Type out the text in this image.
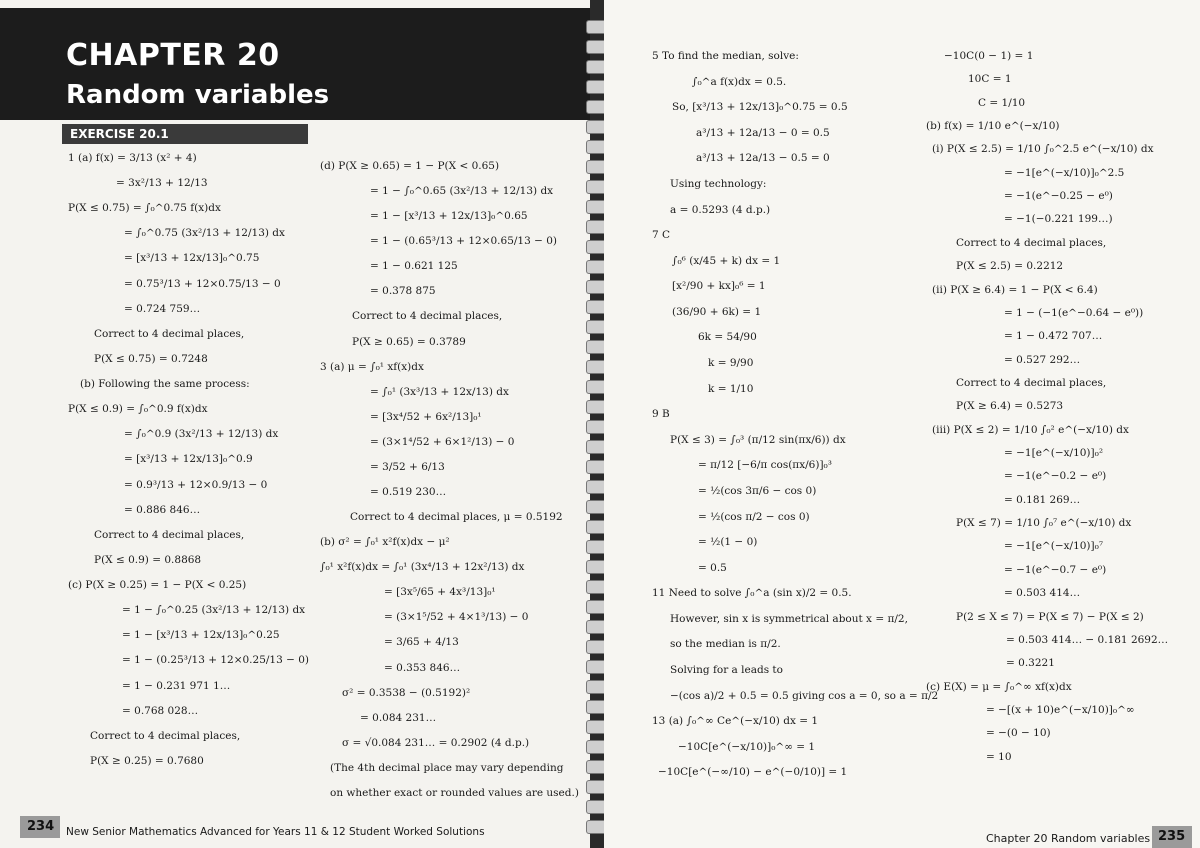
CHAPTER 20
Random variables
EXERCISE 20.1
1 (a) f(x) = 3/13 (x² + 4)
= 3x²/13 + 12/13
P(X ≤ 0.75) = ∫₀^0.75 f(x)dx
= ∫₀^0.75 (3x²/13 + 12/13) dx
= [x³/13 + 12x/13]₀^0.75
= 0.75³/13 + 12×0.75/13 − 0
= 0.724 759…
Correct to 4 decimal places,
P(X ≤ 0.75) = 0.7248
(b) Following the same process:
P(X ≤ 0.9) = ∫₀^0.9 f(x)dx
= ∫₀^0.9 (3x²/13 + 12/13) dx
= [x³/13 + 12x/13]₀^0.9
= 0.9³/13 + 12×0.9/13 − 0
= 0.886 846…
Correct to 4 decimal places,
P(X ≤ 0.9) = 0.8868
(c) P(X ≥ 0.25) = 1 − P(X < 0.25)
= 1 − ∫₀^0.25 (3x²/13 + 12/13) dx
= 1 − [x³/13 + 12x/13]₀^0.25
= 1 − (0.25³/13 + 12×0.25/13 − 0)
= 1 − 0.231 971 1…
= 0.768 028…
Correct to 4 decimal places,
P(X ≥ 0.25) = 0.7680
(d) P(X ≥ 0.65) = 1 − P(X < 0.65)
= 1 − ∫₀^0.65 (3x²/13 + 12/13) dx
= 1 − [x³/13 + 12x/13]₀^0.65
= 1 − (0.65³/13 + 12×0.65/13 − 0)
= 1 − 0.621 125
= 0.378 875
Correct to 4 decimal places,
P(X ≥ 0.65) = 0.3789
3 (a) μ = ∫₀¹ xf(x)dx
= ∫₀¹ (3x³/13 + 12x/13) dx
= [3x⁴/52 + 6x²/13]₀¹
= (3×1⁴/52 + 6×1²/13) − 0
= 3/52 + 6/13
= 0.519 230…
Correct to 4 decimal places, μ = 0.5192
(b) σ² = ∫₀¹ x²f(x)dx − μ²
∫₀¹ x²f(x)dx = ∫₀¹ (3x⁴/13 + 12x²/13) dx
= [3x⁵/65 + 4x³/13]₀¹
= (3×1⁵/52 + 4×1³/13) − 0
= 3/65 + 4/13
= 0.353 846…
σ² = 0.3538 − (0.5192)²
= 0.084 231…
σ = √0.084 231… = 0.2902 (4 d.p.)
(The 4th decimal place may vary depending
on whether exact or rounded values are used.)
234 New Senior Mathematics Advanced for Years 11 & 12 Student Worked Solutions
5 To find the median, solve:
∫₀^a f(x)dx = 0.5.
So, [x³/13 + 12x/13]₀^0.75 = 0.5
a³/13 + 12a/13 − 0 = 0.5
a³/13 + 12a/13 − 0.5 = 0
Using technology:
a = 0.5293 (4 d.p.)
7 C
∫₀⁶ (x/45 + k) dx = 1
[x²/90 + kx]₀⁶ = 1
(36/90 + 6k) = 1
6k = 54/90
k = 9/90
k = 1/10
9 B
P(X ≤ 3) = ∫₀³ (π/12 sin(πx/6)) dx
= π/12 [−6/π cos(πx/6)]₀³
= ½(cos 3π/6 − cos 0)
= ½(cos π/2 − cos 0)
= ½(1 − 0)
= 0.5
11 Need to solve ∫₀^a (sin x)/2 = 0.5.
However, sin x is symmetrical about x = π/2,
so the median is π/2.
Solving for a leads to
−(cos a)/2 + 0.5 = 0.5 giving cos a = 0, so a = π/2
13 (a) ∫₀^∞ Ce^(−x/10) dx = 1
−10C[e^(−x/10)]₀^∞ = 1
−10C[e^(−∞/10) − e^(−0/10)] = 1
−10C(0 − 1) = 1
10C = 1
C = 1/10
(b) f(x) = 1/10 e^(−x/10)
(i) P(X ≤ 2.5) = 1/10 ∫₀^2.5 e^(−x/10) dx
= −1[e^(−x/10)]₀^2.5
= −1(e^−0.25 − e⁰)
= −1(−0.221 199…)
Correct to 4 decimal places,
P(X ≤ 2.5) = 0.2212
(ii) P(X ≥ 6.4) = 1 − P(X < 6.4)
= 1 − (−1(e^−0.64 − e⁰))
= 1 − 0.472 707…
= 0.527 292…
Correct to 4 decimal places,
P(X ≥ 6.4) = 0.5273
(iii) P(X ≤ 2) = 1/10 ∫₀² e^(−x/10) dx
= −1[e^(−x/10)]₀²
= −1(e^−0.2 − e⁰)
= 0.181 269…
P(X ≤ 7) = 1/10 ∫₀⁷ e^(−x/10) dx
= −1[e^(−x/10)]₀⁷
= −1(e^−0.7 − e⁰)
= 0.503 414…
P(2 ≤ X ≤ 7) = P(X ≤ 7) − P(X ≤ 2)
= 0.503 414… − 0.181 2692…
= 0.3221
(c) E(X) = μ = ∫₀^∞ xf(x)dx
= −[(x + 10)e^(−x/10)]₀^∞
= −(0 − 10)
= 10
Chapter 20 Random variables 235
